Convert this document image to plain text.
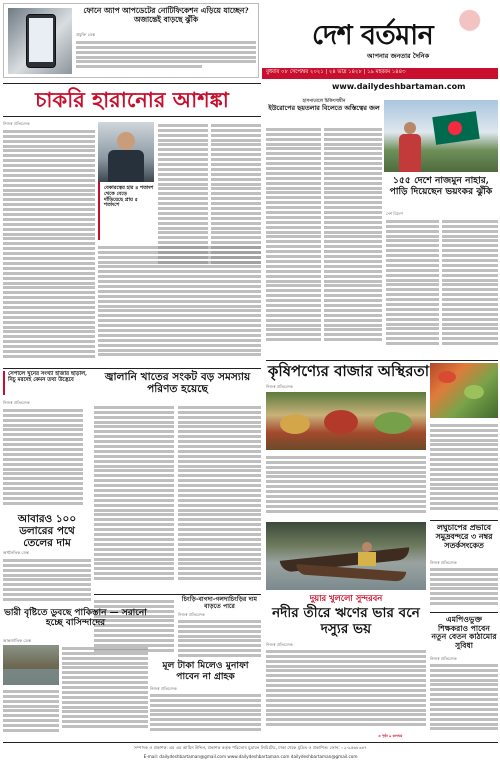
ফোনে অ্যাপ আপডেটের নোটিফিকেশন এড়িয়ে যাচ্ছেন? অজান্তেই বাড়ছে ঝুঁকি
প্রযুক্তি ডেস্ক	দেশ বর্তমান
আপনার জনতার দৈনিক
বুধবার ০৮ সেপ্টেম্বর ২০২১ | ২৪ ভাদ্র ১৪২৮ | ১৯ মহররম ১৪৪৩
www.dailydeshbartaman.com
চাকরি হারানোর আশঙ্কা
নিজস্ব প্রতিবেদক
বেকারত্বের হার ৪ শতাংশ থেকে বেড়ে
দাঁড়িয়েছে প্রায় ৫ শতাংশে
হাসপাতালে চিকিৎসাধীন
ইউরোপের ছয়তলার বিলেতে অস্তিত্বের জল
১৫৫ দেশে নাজমুন নাহার, পাড়ি দিয়েছেন ভয়ংকর ঝুঁকি
দেশ বিদেশ
সেপালে খুনের সংখ্যা হাজার ছাড়াল, নিচু মরদেহ কেমন তথ্য উদ্ভেবে	জ্বালানি খাতের সংকট বড় সমস্যায় পরিণত হয়েছে
নিজস্ব প্রতিবেদক
আবারও ১০০ ডলারের পথে তেলের দাম
অর্থনৈতিক ডেস্ক
চিংড়ি-বাগদা-গলদাচিংড়ির দাম বাড়তে পারে
নিজস্ব প্রতিবেদক
মূল টাকা মিলেও মুনাফা পাবেন না গ্রাহক
নিজস্ব প্রতিবেদক
ভারী বৃষ্টিতে ডুবছে পাকিস্তান — সরানো হচ্ছে বাসিন্দাদের
আন্তর্জাতিক ডেস্ক
কৃষিপণ্যের বাজার অস্থিরতা
নিজস্ব প্রতিবেদক
লঘুচাপের প্রভাবে সমুদ্রবন্দরে ৩ নম্বর সতর্কসংকেত
নিজস্ব প্রতিবেদক
এমপিওভুক্ত শিক্ষকরাও পাবেন নতুন বেতন কাঠামোর সুবিধা
নিজস্ব প্রতিবেদক
দুয়ার খুললো সুন্দরবন
নদীর তীরে ঋণের ভার বনে দস্যুর ভয়
নিজস্ব প্রতিবেদক
এ পৃষ্ঠা ৯ কলামে
সম্পাদক ও প্রকাশক: এম এম আমিন উদ্দিন, প্রকাশক কর্তৃক পরিতোষ মুদ্রায়ন লিমিটেড, ঢাকা থেকে মুদ্রিত ও প্রকাশিত। ফোন: ০২-৯৫৬৮৩৪৭
E-mail: dailydeshbartaman@gmail.com www.dailydeshbartaman.com dailydeshbartaman@gmail.com
